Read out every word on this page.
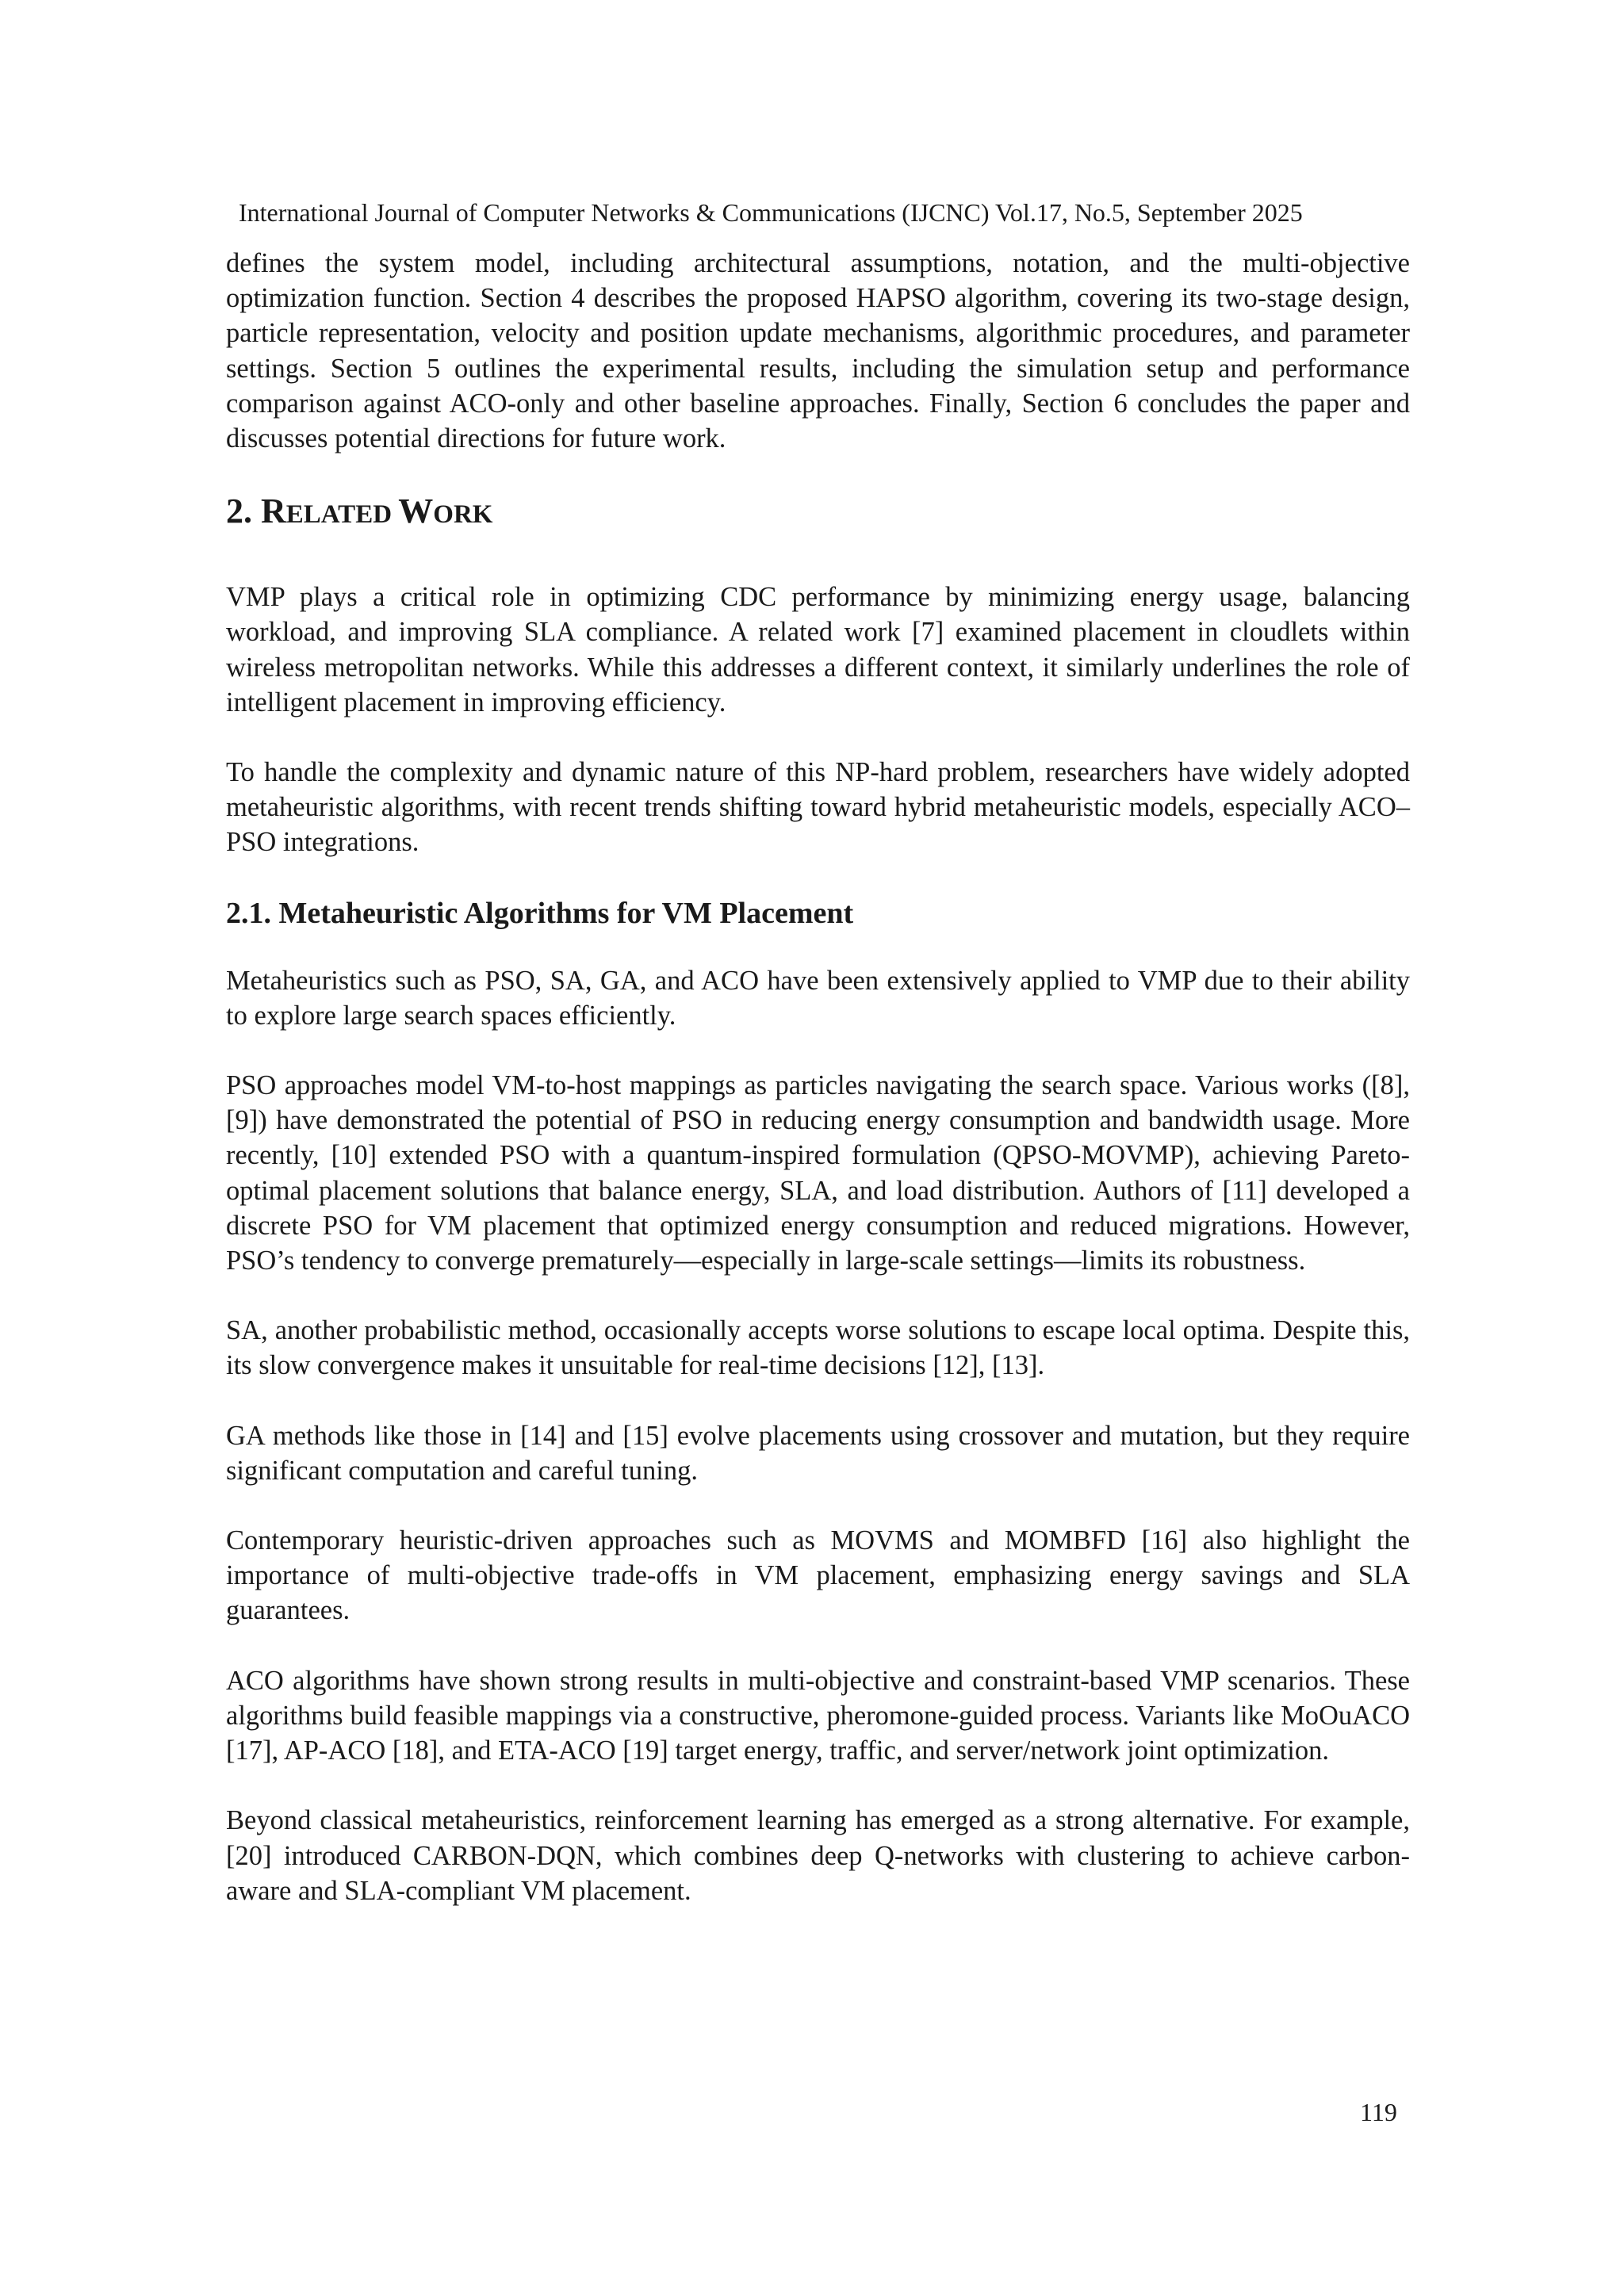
International Journal of Computer Networks & Communications (IJCNC) Vol.17, No.5, September 2025

defines the system model, including architectural assumptions, notation, and the multi-objective optimization function. Section 4 describes the proposed HAPSO algorithm, covering its two-stage design, particle representation, velocity and position update mechanisms, algorithmic procedures, and parameter settings. Section 5 outlines the experimental results, including the simulation setup and performance comparison against ACO-only and other baseline approaches. Finally, Section 6 concludes the paper and discusses potential directions for future work.

2. RELATED WORK

VMP plays a critical role in optimizing CDC performance by minimizing energy usage, balancing workload, and improving SLA compliance. A related work [7] examined placement in cloudlets within wireless metropolitan networks. While this addresses a different context, it similarly underlines the role of intelligent placement in improving efficiency.

To handle the complexity and dynamic nature of this NP-hard problem, researchers have widely adopted metaheuristic algorithms, with recent trends shifting toward hybrid metaheuristic models, especially ACO–PSO integrations.

2.1. Metaheuristic Algorithms for VM Placement

Metaheuristics such as PSO, SA, GA, and ACO have been extensively applied to VMP due to their ability to explore large search spaces efficiently.

PSO approaches model VM-to-host mappings as particles navigating the search space. Various works ([8], [9]) have demonstrated the potential of PSO in reducing energy consumption and bandwidth usage. More recently, [10] extended PSO with a quantum-inspired formulation (QPSO-MOVMP), achieving Pareto-optimal placement solutions that balance energy, SLA, and load distribution. Authors of [11] developed a discrete PSO for VM placement that optimized energy consumption and reduced migrations. However, PSO’s tendency to converge prematurely—especially in large-scale settings—limits its robustness.

SA, another probabilistic method, occasionally accepts worse solutions to escape local optima. Despite this, its slow convergence makes it unsuitable for real-time decisions [12], [13].

GA methods like those in [14] and [15] evolve placements using crossover and mutation, but they require significant computation and careful tuning.

Contemporary heuristic-driven approaches such as MOVMS and MOMBFD [16] also highlight the importance of multi-objective trade-offs in VM placement, emphasizing energy savings and SLA guarantees.

ACO algorithms have shown strong results in multi-objective and constraint-based VMP scenarios. These algorithms build feasible mappings via a constructive, pheromone-guided process. Variants like MoOuACO [17], AP-ACO [18], and ETA-ACO [19] target energy, traffic, and server/network joint optimization.

Beyond classical metaheuristics, reinforcement learning has emerged as a strong alternative. For example, [20] introduced CARBON-DQN, which combines deep Q-networks with clustering to achieve carbon-aware and SLA-compliant VM placement.

119
